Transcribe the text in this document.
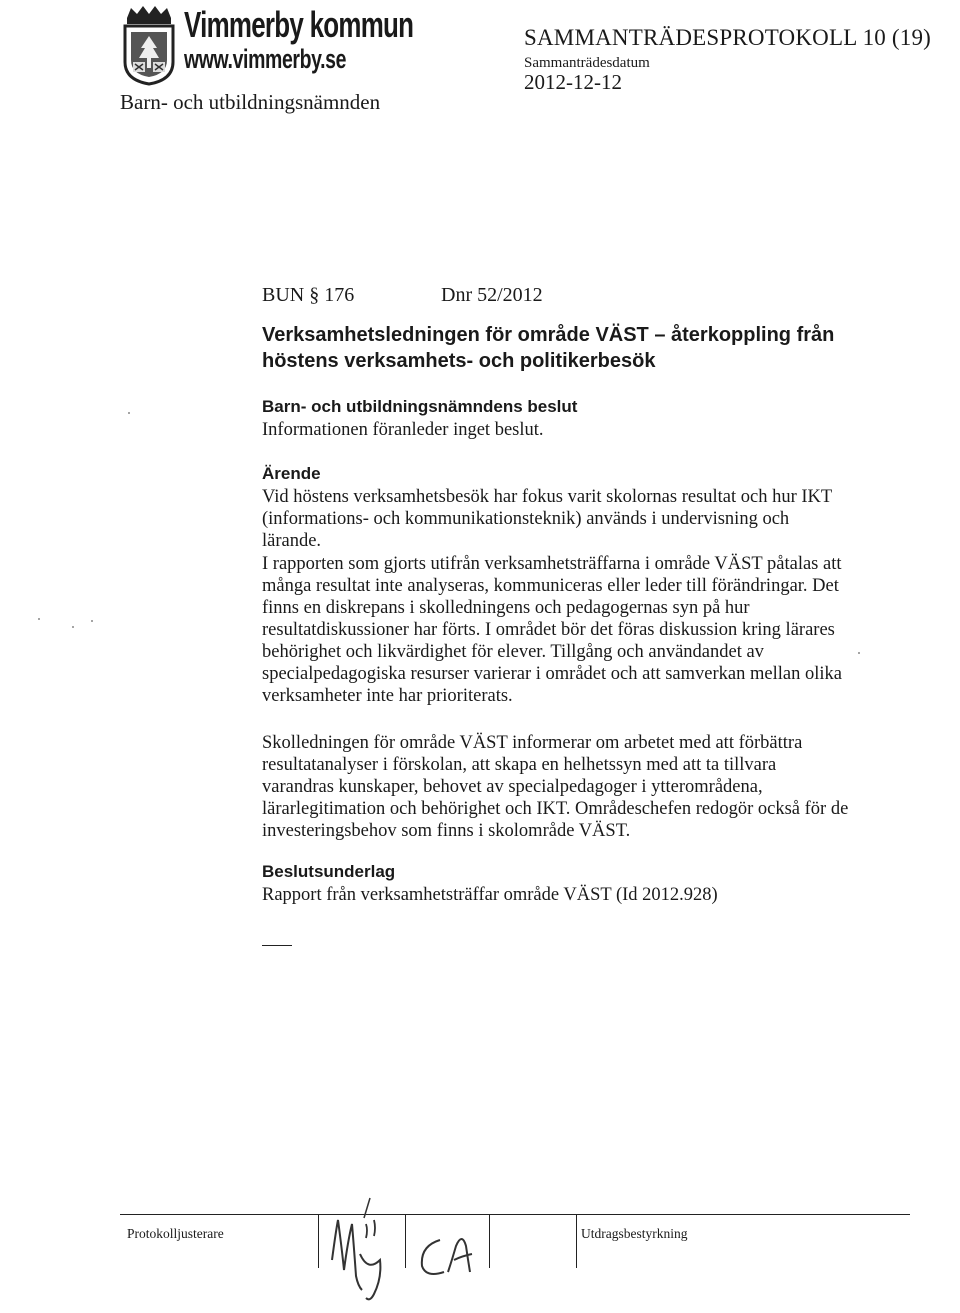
Vimmerby kommun
www.vimmerby.se
Barn- och utbildningsnämnden
SAMMANTRÄDESPROTOKOLL 10 (19)
Sammanträdesdatum
2012-12-12
BUN § 176	Dnr 52/2012
Verksamhetsledningen för område VÄST – återkoppling från höstens verksamhets- och politikerbesök
Barn- och utbildningsnämndens beslut
Informationen föranleder inget beslut.
Ärende
Vid höstens verksamhetsbesök har fokus varit skolornas resultat och hur IKT (informations- och kommunikationsteknik) används i undervisning och lärande.
I rapporten som gjorts utifrån verksamhetsträffarna i område VÄST påtalas att många resultat inte analyseras, kommuniceras eller leder till förändringar. Det finns en diskrepans i skolledningens och pedagogernas syn på hur resultatdiskussioner har förts. I området bör det föras diskussion kring lärares behörighet och likvärdighet för elever. Tillgång och användandet av specialpedagogiska resurser varierar i området och att samverkan mellan olika verksamheter inte har prioriterats.
Skolledningen för område VÄST informerar om arbetet med att förbättra resultatanalyser i förskolan, att skapa en helhetssyn med att ta tillvara varandras kunskaper, behovet av specialpedagoger i ytterområdena, lärarlegitimation och behörighet och IKT. Områdeschefen redogör också för de investeringsbehov som finns i skolområde VÄST.
Beslutsunderlag
Rapport från verksamhetsträffar område VÄST (Id 2012.928)
Protokolljusterare	Utdragsbestyrkning
